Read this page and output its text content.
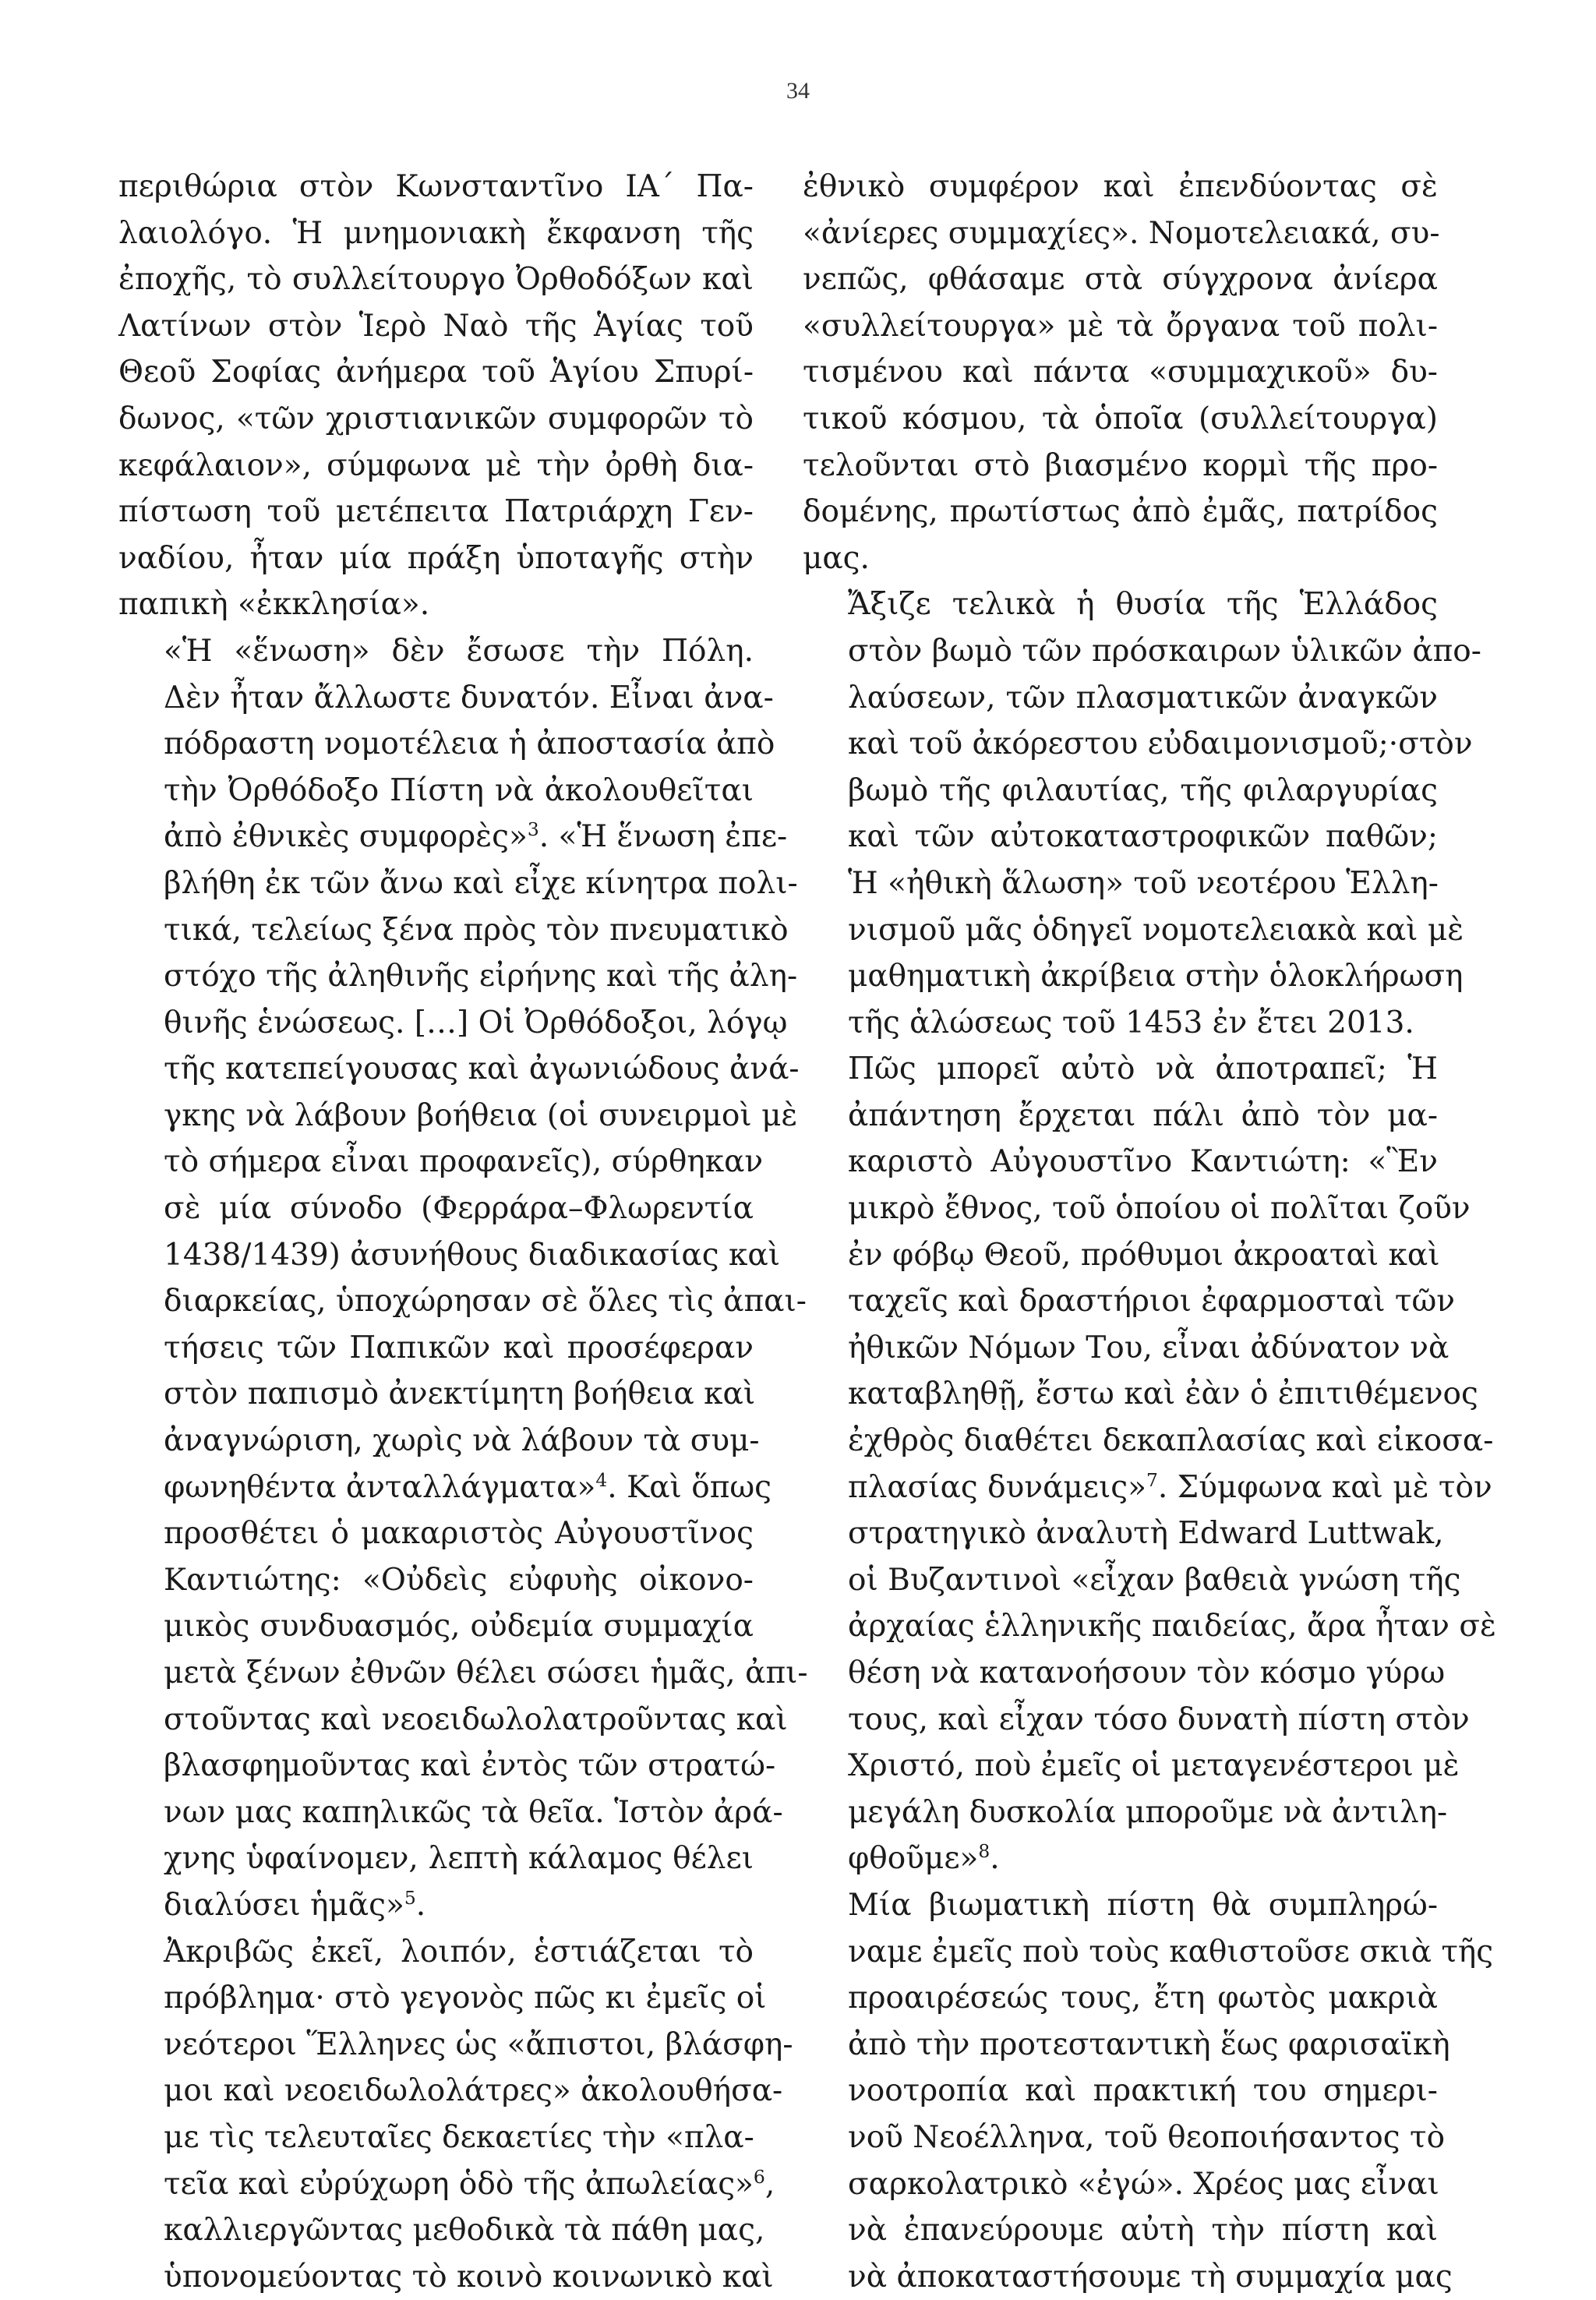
34

περιθώρια στὸν Κωνσταντῖνο ΙΑ΄ Πα-
λαιολόγο. Ἡ μνημονιακὴ ἔκφανση τῆς
ἐποχῆς, τὸ συλλείτουργο Ὀρθοδόξων καὶ
Λατίνων στὸν Ἱερὸ Ναὸ τῆς Ἁγίας τοῦ
Θεοῦ Σοφίας ἀνήμερα τοῦ Ἁγίου Σπυρί-
δωνος, «τῶν χριστιανικῶν συμφορῶν τὸ
κεφάλαιον», σύμφωνα μὲ τὴν ὀρθὴ δια-
πίστωση τοῦ μετέπειτα Πατριάρχη Γεν-
ναδίου, ἦταν μία πράξη ὑποταγῆς στὴν
παπικὴ «ἐκκλησία».

«Ἡ «ἕνωση» δὲν ἔσωσε τὴν Πόλη.
Δὲν ἦταν ἄλλωστε δυνατόν. Εἶναι ἀνα-
πόδραστη νομοτέλεια ἡ ἀποστασία ἀπὸ
τὴν Ὀρθόδοξο Πίστη νὰ ἀκολουθεῖται
ἀπὸ ἐθνικὲς συμφορὲς»$^3$. «Ἡ ἕνωση ἐπε-
βλήθη ἐκ τῶν ἄνω καὶ εἶχε κίνητρα πολι-
τικά, τελείως ξένα πρὸς τὸν πνευματικὸ
στόχο τῆς ἀληθινῆς εἰρήνης καὶ τῆς ἀλη-
θινῆς ἑνώσεως. […] Οἱ Ὀρθόδοξοι, λόγῳ
τῆς κατεπείγουσας καὶ ἀγωνιώδους ἀνά-
γκης νὰ λάβουν βοήθεια (οἱ συνειρμοὶ μὲ
τὸ σήμερα εἶναι προφανεῖς), σύρθηκαν
σὲ μία σύνοδο (Φερράρα–Φλωρεντία
1438/1439) ἀσυνήθους διαδικασίας καὶ
διαρκείας, ὑποχώρησαν σὲ ὅλες τὶς ἀπαι-
τήσεις τῶν Παπικῶν καὶ προσέφεραν
στὸν παπισμὸ ἀνεκτίμητη βοήθεια καὶ
ἀναγνώριση, χωρὶς νὰ λάβουν τὰ συμ-
φωνηθέντα ἀνταλλάγματα»$^4$. Καὶ ὅπως
προσθέτει ὁ μακαριστὸς Αὐγουστῖνος
Καντιώτης: «Οὐδεὶς εὐφυὴς οἰκονο-
μικὸς συνδυασμός, οὐδεμία συμμαχία
μετὰ ξένων ἐθνῶν θέλει σώσει ἡμᾶς, ἀπι-
στοῦντας καὶ νεοειδωλολατροῦντας καὶ
βλασφημοῦντας καὶ ἐντὸς τῶν στρατώ-
νων μας καπηλικῶς τὰ θεῖα. Ἱστὸν ἀρά-
χνης ὑφαίνομεν, λεπτὴ κάλαμος θέλει
διαλύσει ἡμᾶς»$^5$.

Ἀκριβῶς ἐκεῖ, λοιπόν, ἑστιάζεται τὸ
πρόβλημα· στὸ γεγονὸς πῶς κι ἐμεῖς οἱ
νεότεροι Ἕλληνες ὡς «ἄπιστοι, βλάσφη-
μοι καὶ νεοειδωλολάτρες» ἀκολουθήσα-
με τὶς τελευταῖες δεκαετίες τὴν «πλα-
τεῖα καὶ εὐρύχωρη ὁδὸ τῆς ἀπωλείας»$^6$,
καλλιεργῶντας μεθοδικὰ τὰ πάθη μας,
ὑπονομεύοντας τὸ κοινὸ κοινωνικὸ καὶ

ἐθνικὸ συμφέρον καὶ ἐπενδύοντας σὲ
«ἀνίερες συμμαχίες». Νομοτελειακά, συ-
νεπῶς, φθάσαμε στὰ σύγχρονα ἀνίερα
«συλλείτουργα» μὲ τὰ ὄργανα τοῦ πολι-
τισμένου καὶ πάντα «συμμαχικοῦ» δυ-
τικοῦ κόσμου, τὰ ὁποῖα (συλλείτουργα)
τελοῦνται στὸ βιασμένο κορμὶ τῆς προ-
δομένης, πρωτίστως ἀπὸ ἐμᾶς, πατρίδος
μας.

Ἄξιζε τελικὰ ἡ θυσία τῆς Ἑλλάδος
στὸν βωμὸ τῶν πρόσκαιρων ὑλικῶν ἀπο-
λαύσεων, τῶν πλασματικῶν ἀναγκῶν
καὶ τοῦ ἀκόρεστου εὐδαιμονισμοῦ;·στὸν
βωμὸ τῆς φιλαυτίας, τῆς φιλαργυρίας
καὶ τῶν αὐτοκαταστροφικῶν παθῶν;
Ἡ «ἠθικὴ ἅλωση» τοῦ νεοτέρου Ἑλλη-
νισμοῦ μᾶς ὁδηγεῖ νομοτελειακὰ καὶ μὲ
μαθηματικὴ ἀκρίβεια στὴν ὁλοκλήρωση
τῆς ἁλώσεως τοῦ 1453 ἐν ἔτει 2013.

Πῶς μπορεῖ αὐτὸ νὰ ἀποτραπεῖ; Ἡ
ἀπάντηση ἔρχεται πάλι ἀπὸ τὸν μα-
καριστὸ Αὐγουστῖνο Καντιώτη: «Ἓν
μικρὸ ἔθνος, τοῦ ὁποίου οἱ πολῖται ζοῦν
ἐν φόβῳ Θεοῦ, πρόθυμοι ἀκροαταὶ καὶ
ταχεῖς καὶ δραστήριοι ἐφαρμοσταὶ τῶν
ἠθικῶν Νόμων Του, εἶναι ἀδύνατον νὰ
καταβληθῇ, ἔστω καὶ ἐὰν ὁ ἐπιτιθέμενος
ἐχθρὸς διαθέτει δεκαπλασίας καὶ εἰκοσα-
πλασίας δυνάμεις»$^7$. Σύμφωνα καὶ μὲ τὸν
στρατηγικὸ ἀναλυτὴ Edward Luttwak,
οἱ Βυζαντινοὶ «εἶχαν βαθειὰ γνώση τῆς
ἀρχαίας ἑλληνικῆς παιδείας, ἄρα ἦταν σὲ
θέση νὰ κατανοήσουν τὸν κόσμο γύρω
τους, καὶ εἶχαν τόσο δυνατὴ πίστη στὸν
Χριστό, ποὺ ἐμεῖς οἱ μεταγενέστεροι μὲ
μεγάλη δυσκολία μποροῦμε νὰ ἀντιλη-
φθοῦμε»$^8$.

Μία βιωματικὴ πίστη θὰ συμπληρώ-
ναμε ἐμεῖς ποὺ τοὺς καθιστοῦσε σκιὰ τῆς
προαιρέσεώς τους, ἔτη φωτὸς μακριὰ
ἀπὸ τὴν προτεσταντικὴ ἕως φαρισαϊκὴ
νοοτροπία καὶ πρακτική του σημερι-
νοῦ Νεοέλληνα, τοῦ θεοποιήσαντος τὸ
σαρκολατρικὸ «ἐγώ». Χρέος μας εἶναι
νὰ ἐπανεύρουμε αὐτὴ τὴν πίστη καὶ
νὰ ἀποκαταστήσουμε τὴ συμμαχία μας
